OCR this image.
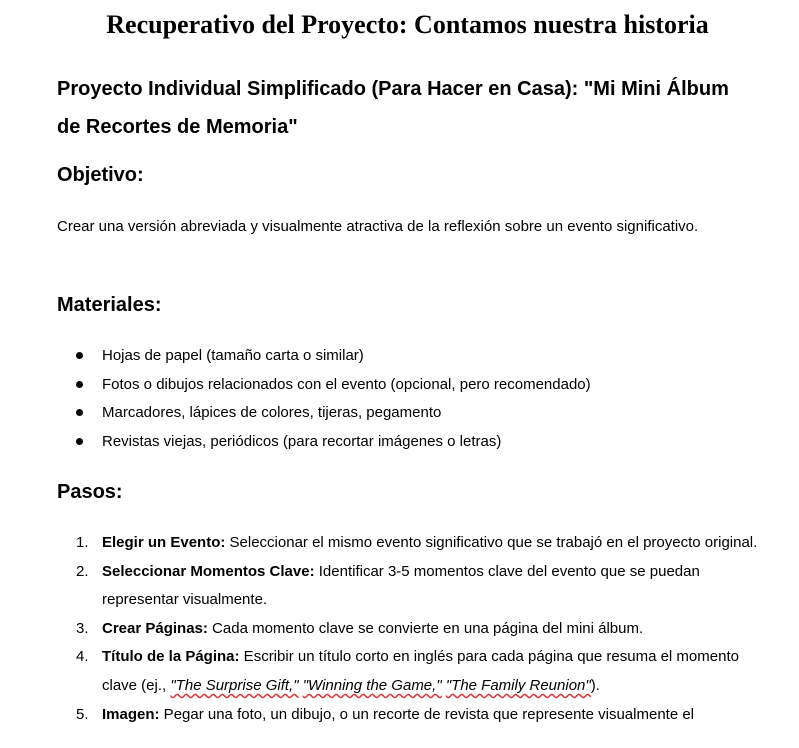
Recuperativo del Proyecto: Contamos nuestra historia
Proyecto Individual Simplificado (Para Hacer en Casa): "Mi Mini Álbum de Recortes de Memoria"
Objetivo:

Crear una versión abreviada y visualmente atractiva de la reflexión sobre un evento significativo.

Materiales:
Hojas de papel (tamaño carta o similar)
Fotos o dibujos relacionados con el evento (opcional, pero recomendado)
Marcadores, lápices de colores, tijeras, pegamento
Revistas viejas, periódicos (para recortar imágenes o letras)
Pasos:
1. Elegir un Evento: Seleccionar el mismo evento significativo que se trabajó en el proyecto original.
2. Seleccionar Momentos Clave: Identificar 3-5 momentos clave del evento que se puedan representar visualmente.
3. Crear Páginas: Cada momento clave se convierte en una página del mini álbum.
4. Título de la Página: Escribir un título corto en inglés para cada página que resuma el momento clave (ej., "The Surprise Gift," "Winning the Game," "The Family Reunion").
5. Imagen: Pegar una foto, un dibujo, o un recorte de revista que represente visualmente el
